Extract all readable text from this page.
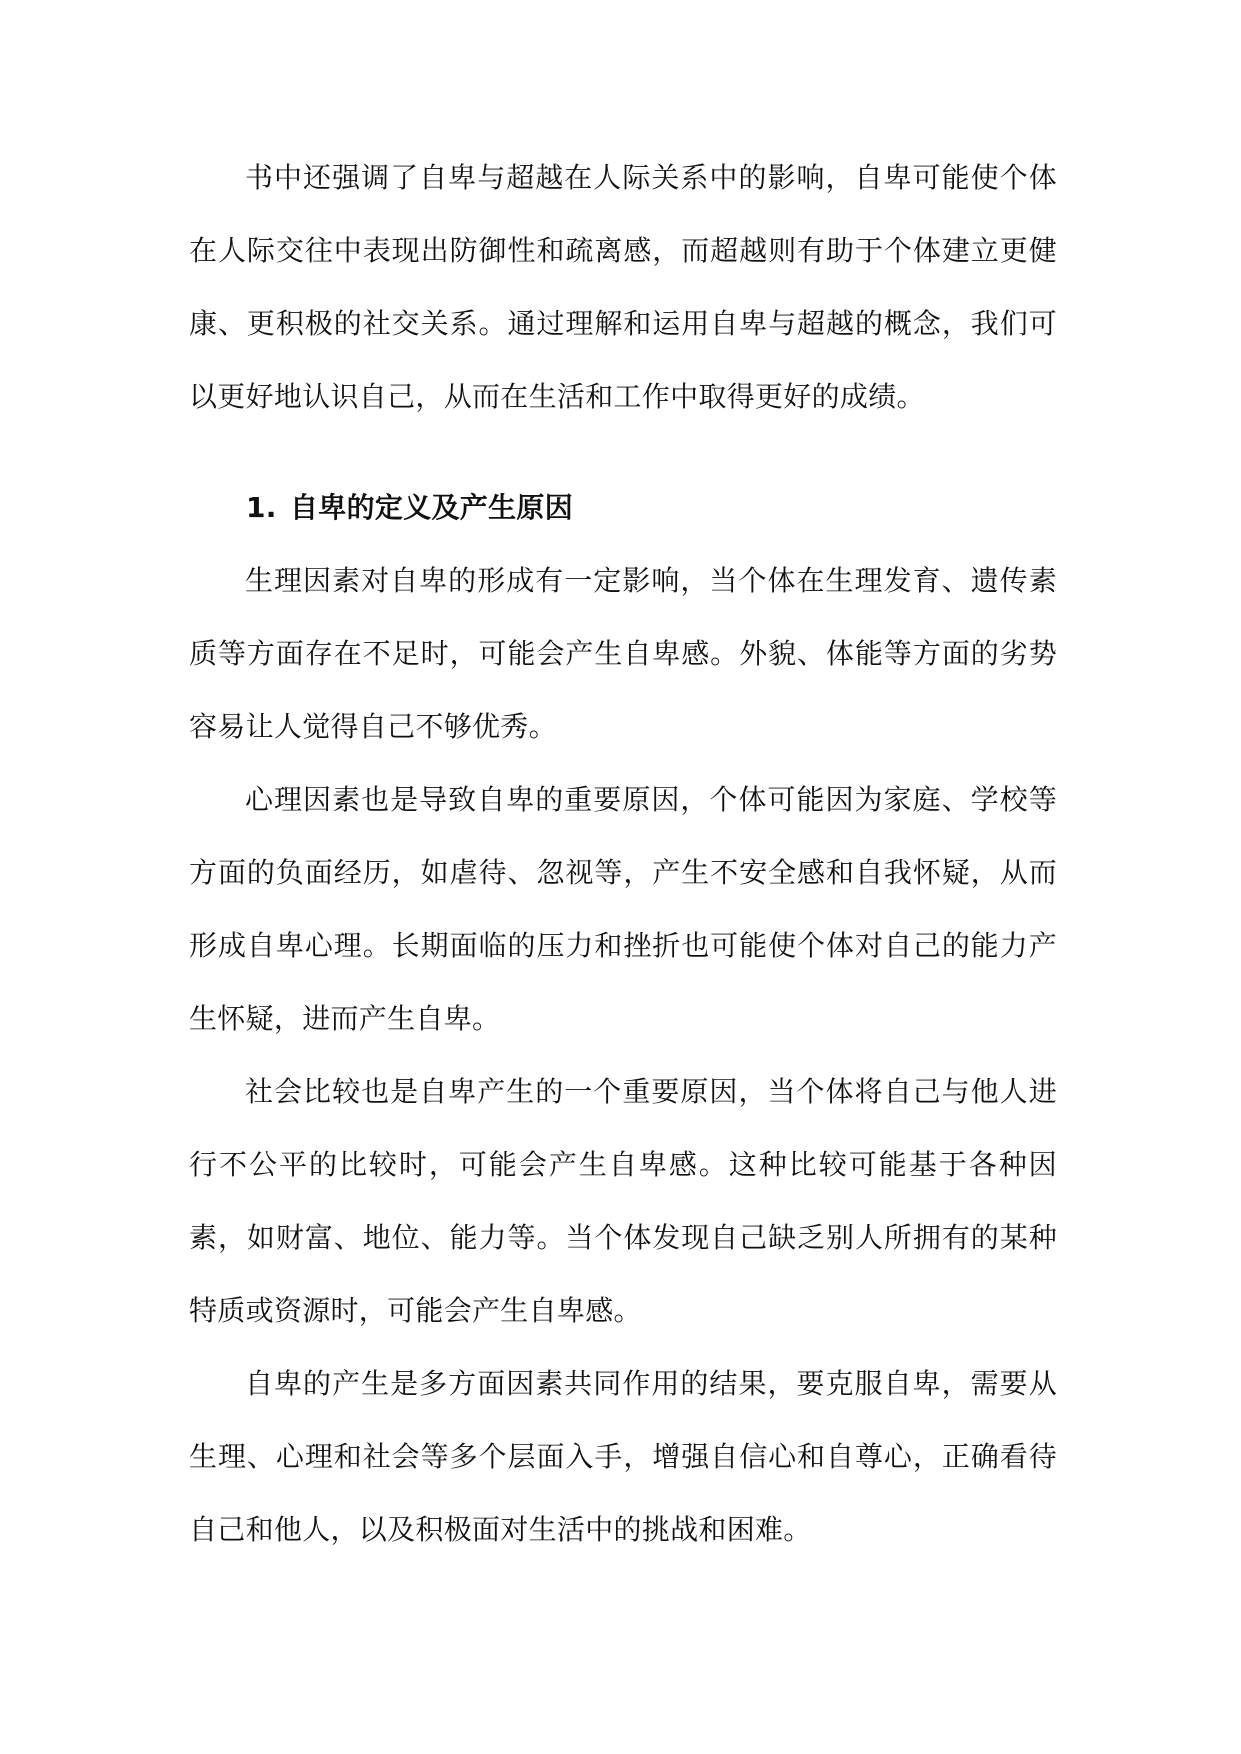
书中还强调了自卑与超越在人际关系中的影响，自卑可能使个体在人际交往中表现出防御性和疏离感，而超越则有助于个体建立更健康、更积极的社交关系。通过理解和运用自卑与超越的概念，我们可以更好地认识自己，从而在生活和工作中取得更好的成绩。

1. 自卑的定义及产生原因

生理因素对自卑的形成有一定影响，当个体在生理发育、遗传素质等方面存在不足时，可能会产生自卑感。外貌、体能等方面的劣势容易让人觉得自己不够优秀。

心理因素也是导致自卑的重要原因，个体可能因为家庭、学校等方面的负面经历，如虐待、忽视等，产生不安全感和自我怀疑，从而形成自卑心理。长期面临的压力和挫折也可能使个体对自己的能力产生怀疑，进而产生自卑。

社会比较也是自卑产生的一个重要原因，当个体将自己与他人进行不公平的比较时，可能会产生自卑感。这种比较可能基于各种因素，如财富、地位、能力等。当个体发现自己缺乏别人所拥有的某种特质或资源时，可能会产生自卑感。

自卑的产生是多方面因素共同作用的结果，要克服自卑，需要从生理、心理和社会等多个层面入手，增强自信心和自尊心，正确看待自己和他人，以及积极面对生活中的挑战和困难。
